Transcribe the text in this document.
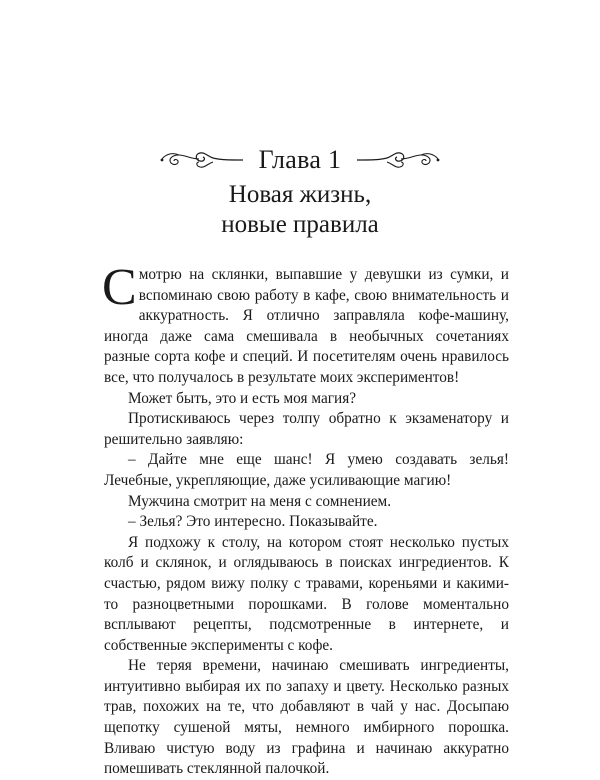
Глава 1
Новая жизнь,
новые правила

Смотрю на склянки, выпавшие у девушки из сумки, и вспоминаю свою работу в кафе, свою внимательность и аккуратность. Я отлично заправляла кофе-машину, иногда даже сама смешивала в необычных сочетаниях разные сорта кофе и специй. И посетителям очень нравилось все, что получалось в результате моих экспериментов!

Может быть, это и есть моя магия?

Протискиваюсь через толпу обратно к экзаменатору и решительно заявляю:

– Дайте мне еще шанс! Я умею создавать зелья! Лечебные, укрепляющие, даже усиливающие магию!

Мужчина смотрит на меня с сомнением.

– Зелья? Это интересно. Показывайте.

Я подхожу к столу, на котором стоят несколько пустых колб и склянок, и оглядываюсь в поисках ингредиентов. К счастью, рядом вижу полку с травами, кореньями и какими-то разноцветными порошками. В голове моментально всплывают рецепты, подсмотренные в интернете, и собственные эксперименты с кофе.

Не теряя времени, начинаю смешивать ингредиенты, интуитивно выбирая их по запаху и цвету. Несколько разных трав, похожих на те, что добавляют в чай у нас. Досыпаю щепотку сушеной мяты, немного имбирного порошка. Вливаю чистую воду из графина и начинаю аккуратно помешивать стеклянной палочкой.
